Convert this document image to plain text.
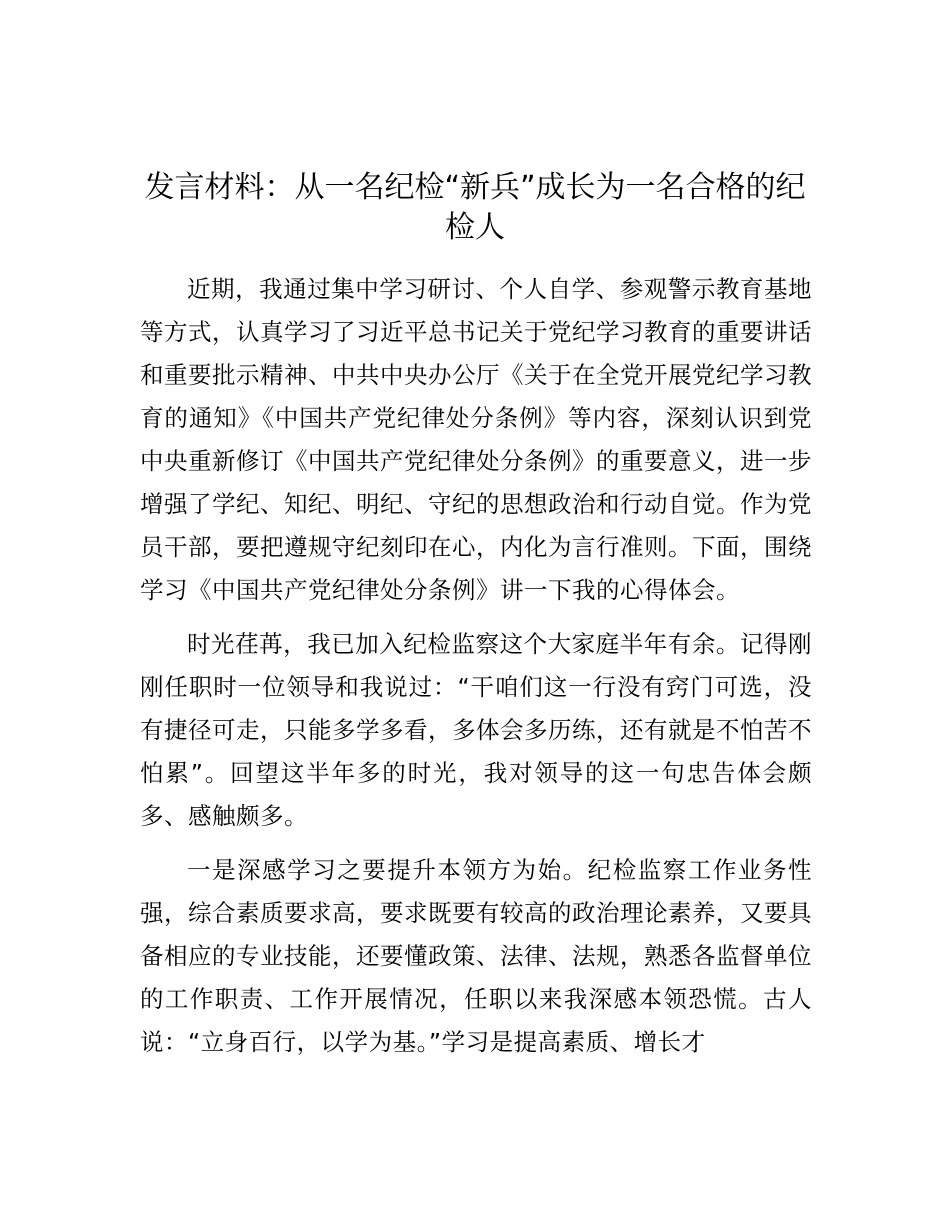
发言材料：从一名纪检“新兵”成长为一名合格的纪检人

近期，我通过集中学习研讨、个人自学、参观警示教育基地等方式，认真学习了习近平总书记关于党纪学习教育的重要讲话和重要批示精神、中共中央办公厅《关于在全党开展党纪学习教育的通知》《中国共产党纪律处分条例》等内容，深刻认识到党中央重新修订《中国共产党纪律处分条例》的重要意义，进一步增强了学纪、知纪、明纪、守纪的思想政治和行动自觉。作为党员干部，要把遵规守纪刻印在心，内化为言行准则。下面，围绕学习《中国共产党纪律处分条例》讲一下我的心得体会。

时光荏苒，我已加入纪检监察这个大家庭半年有余。记得刚刚任职时一位领导和我说过：“干咱们这一行没有窍门可选，没有捷径可走，只能多学多看，多体会多历练，还有就是不怕苦不怕累”。回望这半年多的时光，我对领导的这一句忠告体会颇多、感触颇多。

一是深感学习之要提升本领方为始。纪检监察工作业务性强，综合素质要求高，要求既要有较高的政治理论素养，又要具备相应的专业技能，还要懂政策、法律、法规，熟悉各监督单位的工作职责、工作开展情况，任职以来我深感本领恐慌。古人说：“立身百行，以学为基。”学习是提高素质、增长才
